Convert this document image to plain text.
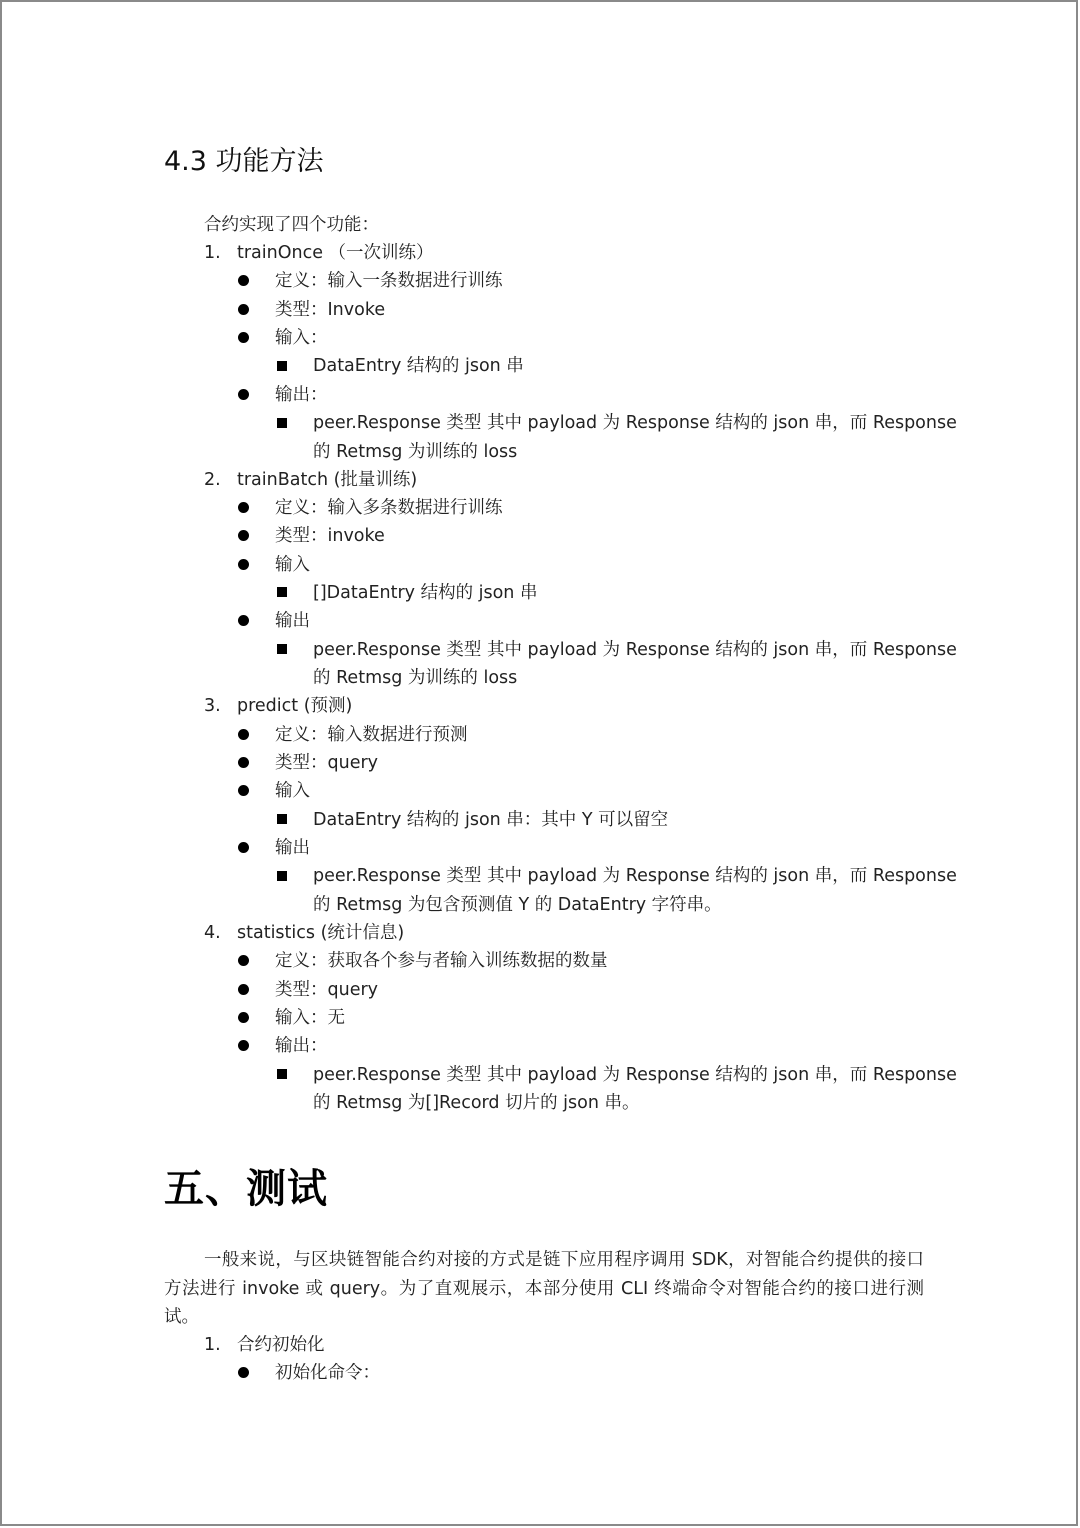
4.3 功能方法
合约实现了四个功能：
1. trainOnce （一次训练）
定义：输入一条数据进行训练
类型：Invoke
输入：
DataEntry 结构的 json 串
输出：
peer.Response 类型 其中 payload 为 Response 结构的 json 串，而 Response
的 Retmsg 为训练的 loss
2. trainBatch (批量训练)
定义：输入多条数据进行训练
类型：invoke
输入
[]DataEntry 结构的 json 串
输出
peer.Response 类型 其中 payload 为 Response 结构的 json 串，而 Response
的 Retmsg 为训练的 loss
3. predict (预测)
定义：输入数据进行预测
类型：query
输入
DataEntry 结构的 json 串：其中 Y 可以留空
输出
peer.Response 类型 其中 payload 为 Response 结构的 json 串，而 Response
的 Retmsg 为包含预测值 Y 的 DataEntry 字符串。
4. statistics (统计信息)
定义：获取各个参与者输入训练数据的数量
类型：query
输入：无
输出：
peer.Response 类型 其中 payload 为 Response 结构的 json 串，而 Response
的 Retmsg 为[]Record 切片的 json 串。
五、测试
一般来说，与区块链智能合约对接的方式是链下应用程序调用 SDK，对智能合约提供的接口方法进行 invoke 或 query。为了直观展示，本部分使用 CLI 终端命令对智能合约的接口进行测试。
1. 合约初始化
初始化命令：
